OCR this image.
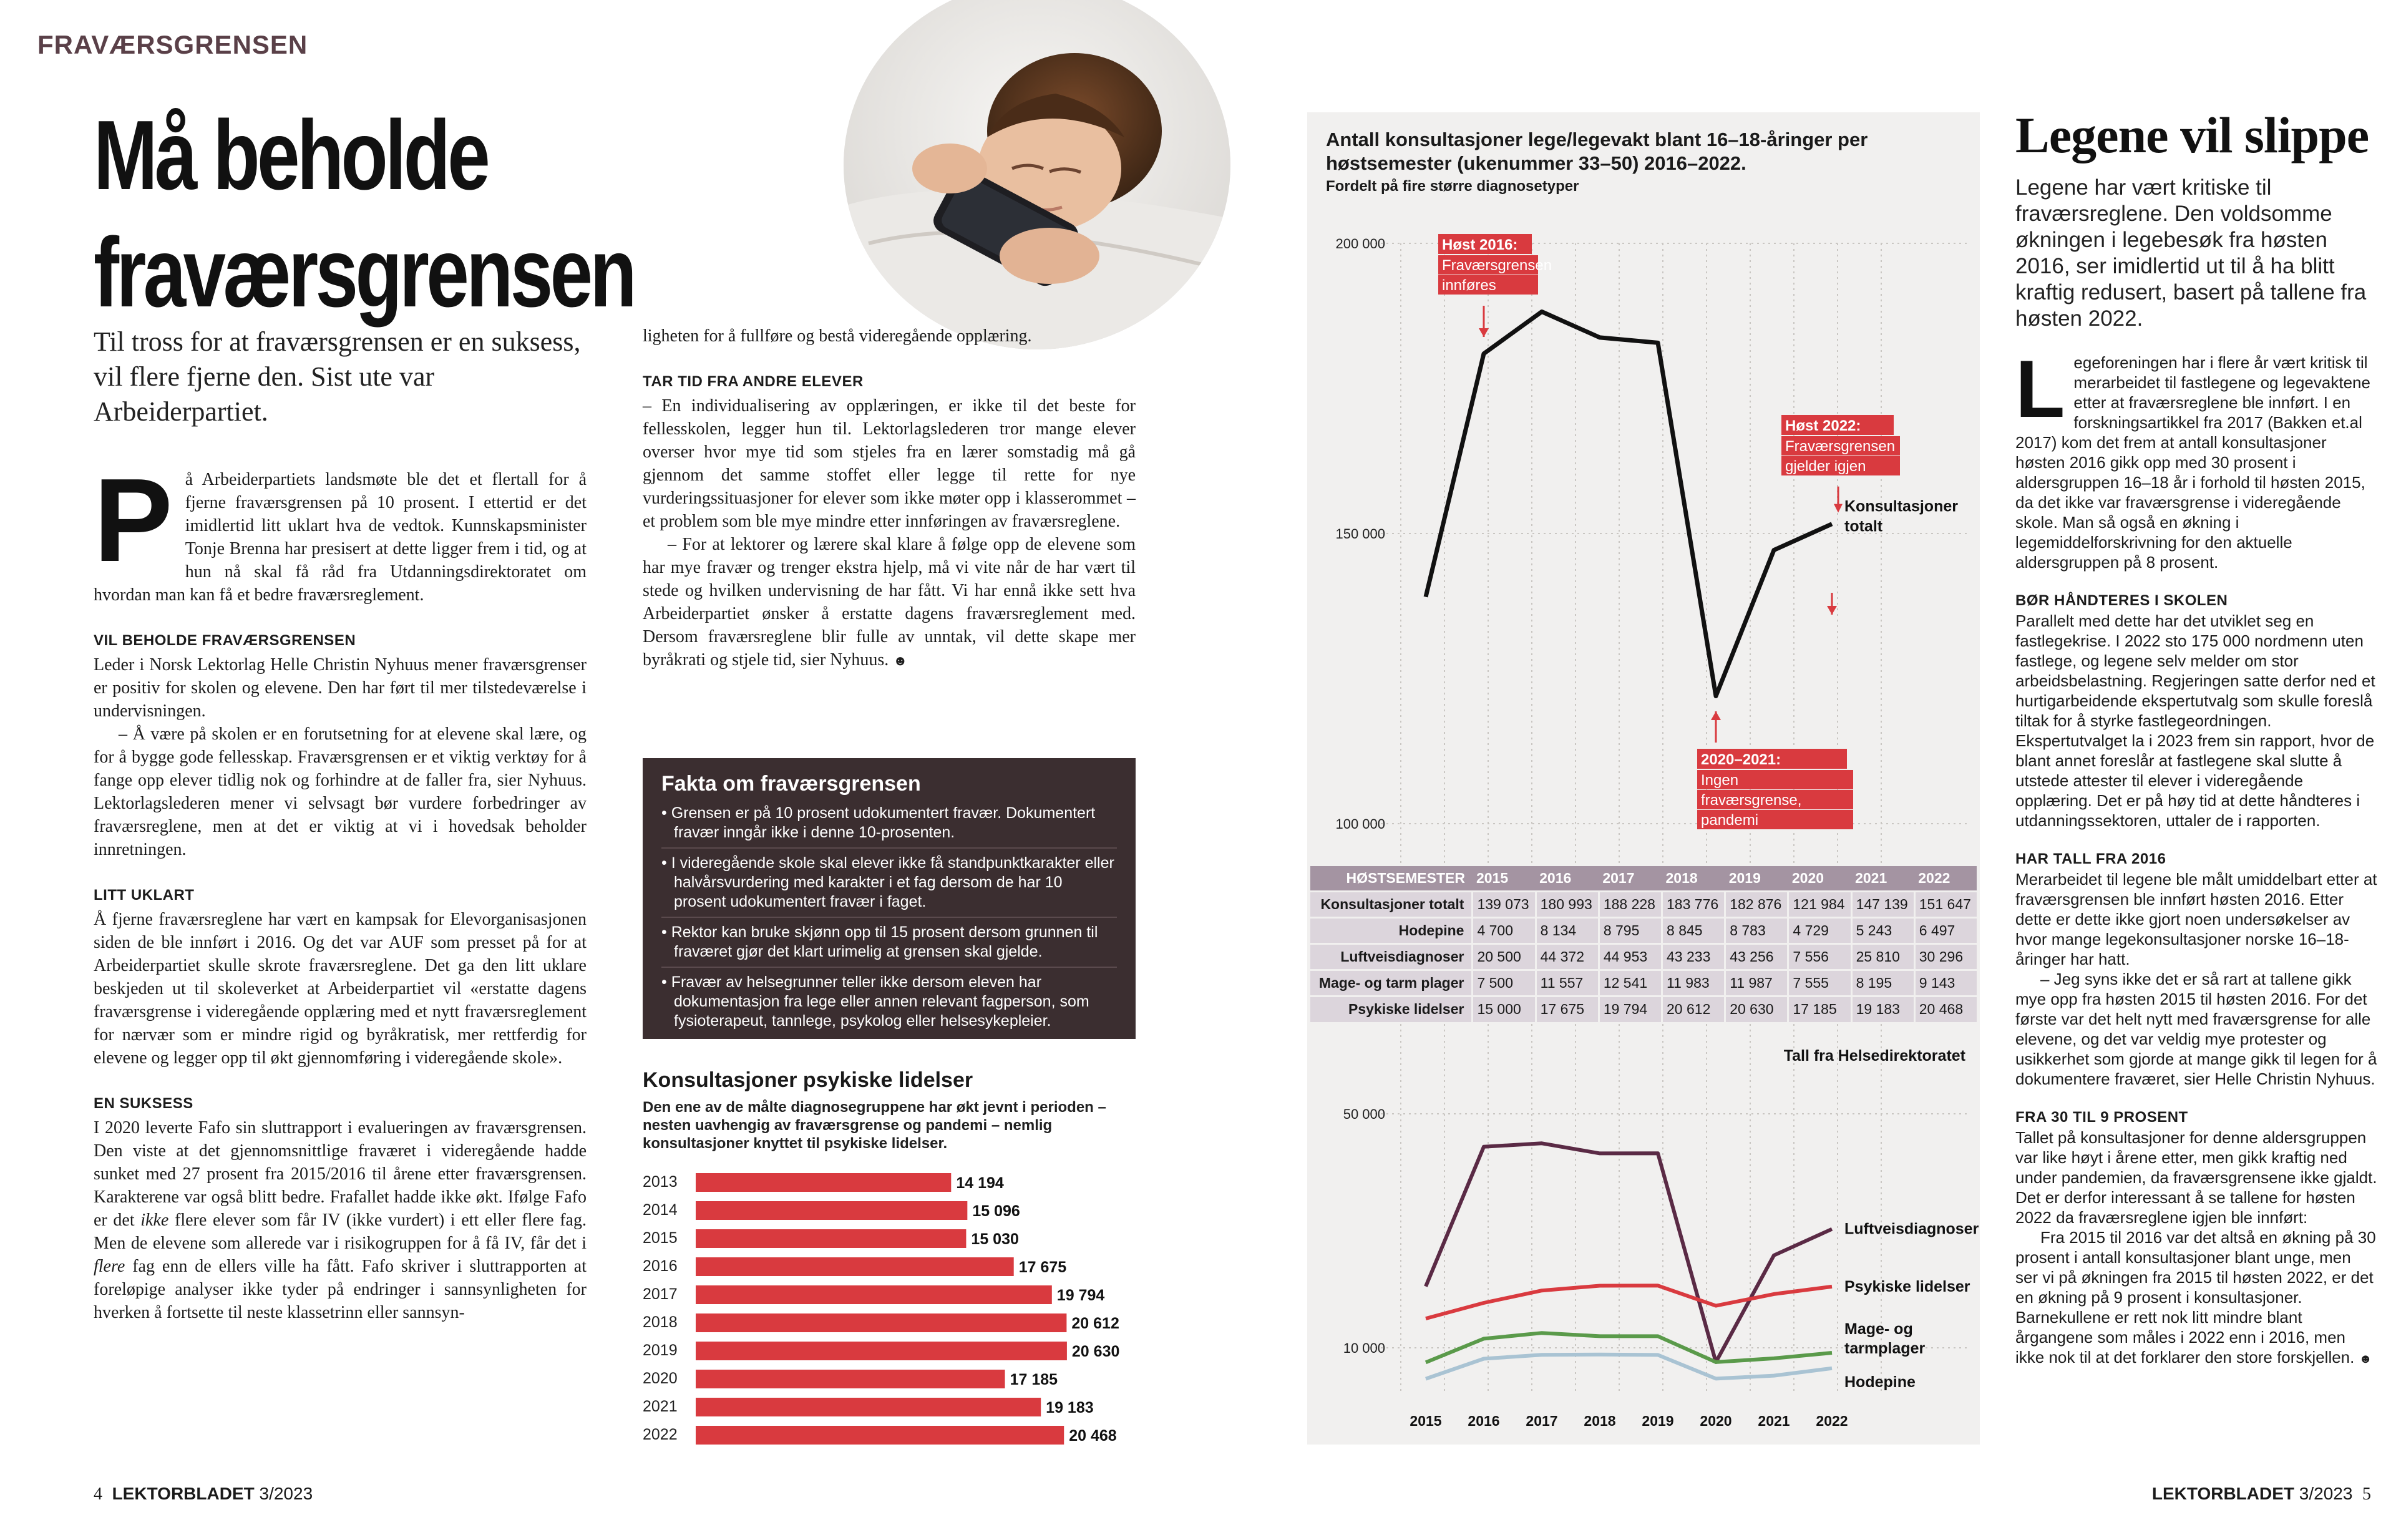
FRAVÆRSGRENSEN
Må beholde fraværsgrensen
Til tross for at fraværsgrensen er en suksess, vil flere fjerne den. Sist ute var Arbeiderpartiet.
P å Arbeiderpartiets landsmøte ble det et flertall for å fjerne fraværsgrensen på 10 prosent. I ettertid er det imidlertid litt uklart hva de vedtok. Kunnskapsminister Tonje Brenna har presisert at dette ligger frem i tid, og at hun nå skal få råd fra Utdanningsdirektoratet om hvordan man kan få et bedre fraværsreglement.

VIL BEHOLDE FRAVÆRSGRENSEN

Leder i Norsk Lektorlag Helle Christin Nyhuus mener fraværsgrenser er positiv for skolen og elevene. Den har ført til mer tilstedeværelse i undervisningen.

– Å være på skolen er en forutsetning for at elevene skal lære, og for å bygge gode fellesskap. Fraværsgrensen er et viktig verktøy for å fange opp elever tidlig nok og forhindre at de faller fra, sier Nyhuus. Lektorlagslederen mener vi selvsagt bør vurdere forbedringer av fraværsreglene, men at det er viktig at vi i hovedsak beholder innretningen.

LITT UKLART

Å fjerne fraværsreglene har vært en kampsak for Elevorganisasjonen siden de ble innført i 2016. Og det var AUF som presset på for at Arbeiderpartiet skulle skrote fraværsreglene. Det ga den litt uklare beskjeden ut til skoleverket at Arbeiderpartiet vil «erstatte dagens fraværsgrense i videregående opplæring med et nytt fraværsreglement for nærvær som er mindre rigid og byråkratisk, mer rettferdig for elevene og legger opp til økt gjennomføring i videregående skole».

EN SUKSESS

I 2020 leverte Fafo sin sluttrapport i evalueringen av fraværsgrensen. Den viste at det gjennomsnittlige fraværet i videregående hadde sunket med 27 prosent fra 2015/2016 til årene etter fraværsgrensen. Karakterene var også blitt bedre. Frafallet hadde ikke økt. Ifølge Fafo er det ikke flere elever som får IV (ikke vurdert) i ett eller flere fag. Men de elevene som allerede var i risikogruppen for å få IV, får det i flere fag enn de ellers ville ha fått. Fafo skriver i sluttrapporten at foreløpige analyser ikke tyder på endringer i sannsynligheten for hverken å fortsette til neste klassetrinn eller sannsyn-

ligheten for å fullføre og bestå videregående opplæring.

TAR TID FRA ANDRE ELEVER

– En individualisering av opplæringen, er ikke til det beste for fellesskolen, legger hun til. Lektorlagslederen tror mange elever overser hvor mye tid som stjeles fra en lærer somstadig må gå gjennom det samme stoffet eller legge til rette for nye vurderingssituasjoner for elever som ikke møter opp i klasserommet – et problem som ble mye mindre etter innføringen av fraværsreglene.

– For at lektorer og lærere skal klare å følge opp de elevene som har mye fravær og trenger ekstra hjelp, må vi vite når de har vært til stede og hvilken undervisning de har fått. Vi har ennå ikke sett hva Arbeiderpartiet ønsker å erstatte dagens fraværsreglement med. Dersom fraværsreglene blir fulle av unntak, vil dette skape mer byråkrati og stjele tid, sier Nyhuus. ☻

Fakta om fraværsgrensen
• Grensen er på 10 prosent udokumentert fravær. Dokumentert fravær inngår ikke i denne 10-prosenten.
• I videregående skole skal elever ikke få standpunktkarakter eller halvårsvurdering med karakter i et fag dersom de har 10 prosent udokumentert fravær i faget.
• Rektor kan bruke skjønn opp til 15 prosent dersom grunnen til fraværet gjør det klart urimelig at grensen skal gjelde.
• Fravær av helsegrunner teller ikke dersom eleven har dokumentasjon fra lege eller annen relevant fagperson, som fysioterapeut, tannlege, psykolog eller helsesykepleier.
Konsultasjoner psykiske lidelser
Den ene av de målte diagnosegruppene har økt jevnt i perioden – nesten uavhengig av fraværsgrense og pandemi – nemlig konsultasjoner knyttet til psykiske lidelser.
2013	14 194
2014	15 096
2015	15 030
2016	17 675
2017	19 794
2018	20 612
2019	20 630
2020	17 185
2021	19 183
2022	20 468
Antall konsultasjoner lege/legevakt blant 16–18-åringer per høstsemester (ukenummer 33–50) 2016–2022.
Fordelt på fire større diagnosetyper
200 000
150 000
100 000
50 000
10 000
2015 2016 2017 2018 2019 2020 2021 2022
Konsultasjoner totalt
Luftveisdiagnoser
Psykiske lidelser
Mage- og tarmplager
Hodepine
Tall fra Helsedirektoratet
Høst 2016:
Fraværsgrensen
innføres
Høst 2022:
Fraværsgrensen
gjelder igjen
2020–2021:
Ingen
fraværsgrense,
pandemi
HØSTSEMESTER	2015	2016	2017	2018	2019	2020	2021	2022
Konsultasjoner totalt	139 073	180 993	188 228	183 776	182 876	121 984	147 139	151 647
Hodepine	4 700	8 134	8 795	8 845	8 783	4 729	5 243	6 497
Luftveisdiagnoser	20 500	44 372	44 953	43 233	43 256	7 556	25 810	30 296
Mage- og tarm plager	7 500	11 557	12 541	11 983	11 987	7 555	8 195	9 143
Psykiske lidelser	15 000	17 675	19 794	20 612	20 630	17 185	19 183	20 468
Legene vil slippe
Legene har vært kritiske til fraværsreglene. Den voldsomme økningen i legebesøk fra høsten 2016, ser imidlertid ut til å ha blitt kraftig redusert, basert på tallene fra høsten 2022.
L egeforeningen har i flere år vært kritisk til merarbeidet til fastlegene og legevaktene etter at fraværsreglene ble innført. I en forskningsartikkel fra 2017 (Bakken et.al 2017) kom det frem at antall konsultasjoner høsten 2016 gikk opp med 30 prosent i aldersgruppen 16–18 år i forhold til høsten 2015, da det ikke var fraværsgrense i videregående skole. Man så også en økning i legemiddelforskrivning for den aktuelle aldersgruppen på 8 prosent.

BØR HÅNDTERES I SKOLEN

Parallelt med dette har det utviklet seg en fastlegekrise. I 2022 sto 175 000 nordmenn uten fastlege, og legene selv melder om stor arbeidsbelastning. Regjeringen satte derfor ned et hurtigarbeidende ekspertutvalg som skulle foreslå tiltak for å styrke fastlegeordningen. Ekspertutvalget la i 2023 frem sin rapport, hvor de blant annet foreslår at fastlegene skal slutte å utstede attester til elever i videregående opplæring. Det er på høy tid at dette håndteres i utdanningssektoren, uttaler de i rapporten.

HAR TALL FRA 2016

Merarbeidet til legene ble målt umiddelbart etter at fraværsgrensen ble innført høsten 2016. Etter dette er dette ikke gjort noen undersøkelser av hvor mange legekonsultasjoner norske 16–18-åringer har hatt.

– Jeg syns ikke det er så rart at tallene gikk mye opp fra høsten 2015 til høsten 2016. For det første var det helt nytt med fraværsgrense for alle elevene, og det var veldig mye protester og usikkerhet som gjorde at mange gikk til legen for å dokumentere fraværet, sier Helle Christin Nyhuus.

FRA 30 TIL 9 PROSENT

Tallet på konsultasjoner for denne aldersgruppen var like høyt i årene etter, men gikk kraftig ned under pandemien, da fraværsgrensene ikke gjaldt. Det er derfor interessant å se tallene for høsten 2022 da fraværsreglene igjen ble innført:

Fra 2015 til 2016 var det altså en økning på 30 prosent i antall konsultasjoner blant unge, men ser vi på økningen fra 2015 til høsten 2022, er det en økning på 9 prosent i konsultasjoner. Barnekullene er rett nok litt mindre blant årgangene som måles i 2022 enn i 2016, men ikke nok til at det forklarer den store forskjellen. ☻

4 LEKTORBLADET 3/2023	LEKTORBLADET 3/2023 5
